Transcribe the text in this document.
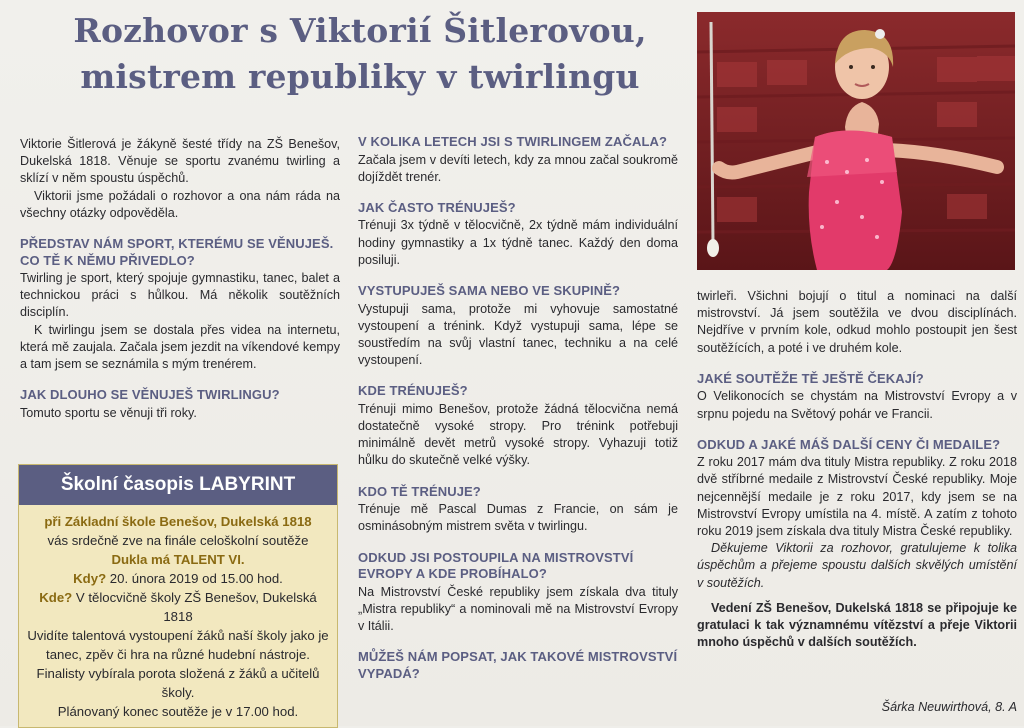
Rozhovor s Viktorií Šitlerovou,
mistrem republiky v twirlingu

Viktorie Šitlerová je žákyně šesté třídy na ZŠ Benešov, Dukelská 1818. Věnuje se sportu zvanému twirling a sklízí v něm spoustu úspěchů.

Viktorii jsme požádali o rozhovor a ona nám ráda na všechny otázky odpověděla.

PŘEDSTAV NÁM SPORT, KTERÉMU SE VĚNUJEŠ. CO TĚ K NĚMU PŘIVEDLO?

Twirling je sport, který spojuje gymnastiku, tanec, balet a technickou práci s hůlkou. Má několik soutěžních disciplín.

K twirlingu jsem se dostala přes videa na internetu, která mě zaujala. Začala jsem jezdit na víkendové kempy a tam jsem se seznámila s mým trenérem.

JAK DLOUHO SE VĚNUJEŠ TWIRLINGU?

Tomuto sportu se věnuji tři roky.

Školní časopis LABYRINT
při Základní škole Benešov, Dukelská 1818
vás srdečně zve na finále celoškolní soutěže
Dukla má TALENT VI.
Kdy? 20. února 2019 od 15.00 hod.
Kde? V tělocvičně školy ZŠ Benešov, Dukelská 1818
Uvidíte talentová vystoupení žáků naší školy jako je tanec, zpěv či hra na různé hudební nástroje. Finalisty vybírala porota složená z žáků a učitelů školy.
Plánovaný konec soutěže je v 17.00 hod.
V KOLIKA LETECH JSI S TWIRLINGEM ZAČALA?

Začala jsem v devíti letech, kdy za mnou začal soukromě dojíždět trenér.

JAK ČASTO TRÉNUJEŠ?

Trénuji 3x týdně v tělocvičně, 2x týdně mám individuální hodiny gymnastiky a 1x týdně tanec. Každý den doma posiluji.

VYSTUPUJEŠ SAMA NEBO VE SKUPINĚ?

Vystupuji sama, protože mi vyhovuje samostatné vystoupení a trénink. Když vystupuji sama, lépe se soustředím na svůj vlastní tanec, techniku a na celé vystoupení.

KDE TRÉNUJEŠ?

Trénuji mimo Benešov, protože žádná tělocvična nemá dostatečně vysoké stropy. Pro trénink potřebuji minimálně devět metrů vysoké stropy. Vyhazuji totiž hůlku do skutečně velké výšky.

KDO TĚ TRÉNUJE?

Trénuje mě Pascal Dumas z Francie, on sám je osminásobným mistrem světa v twirlingu.

ODKUD JSI POSTOUPILA NA MISTROVSTVÍ EVROPY A KDE PROBÍHALO?

Na Mistrovství České republiky jsem získala dva tituly „Mistra republiky“ a nominovali mě na Mistrovství Evropy v Itálii.

MŮŽEŠ NÁM POPSAT, JAK TAKOVÉ MISTROVSTVÍ VYPADÁ?

twirleři. Všichni bojují o titul a nominaci na další mistrovství. Já jsem soutěžila ve dvou disciplínách. Nejdříve v prvním kole, odkud mohlo postoupit jen šest soutěžících, a poté i ve druhém kole.

JAKÉ SOUTĚŽE TĚ JEŠTĚ ČEKAJÍ?

O Velikonocích se chystám na Mistrovství Evropy a v srpnu pojedu na Světový pohár ve Francii.

ODKUD A JAKÉ MÁŠ DALŠÍ CENY ČI MEDAILE?

Z roku 2017 mám dva tituly Mistra republiky. Z roku 2018 dvě stříbrné medaile z Mistrovství České republiky. Moje nejcennější medaile je z roku 2017, kdy jsem se na Mistrovství Evropy umístila na 4. místě. A zatím z tohoto roku 2019 jsem získala dva tituly Mistra České republiky.

Děkujeme Viktorii za rozhovor, gratulujeme k tolika úspěchům a přejeme spoustu dalších skvělých umístění v soutěžích.

Vedení ZŠ Benešov, Dukelská 1818 se připojuje ke gratulaci k tak významnému vítězství a přeje Viktorii mnoho úspěchů v dalších soutěžích.

Šárka Neuwirthová, 8. A
